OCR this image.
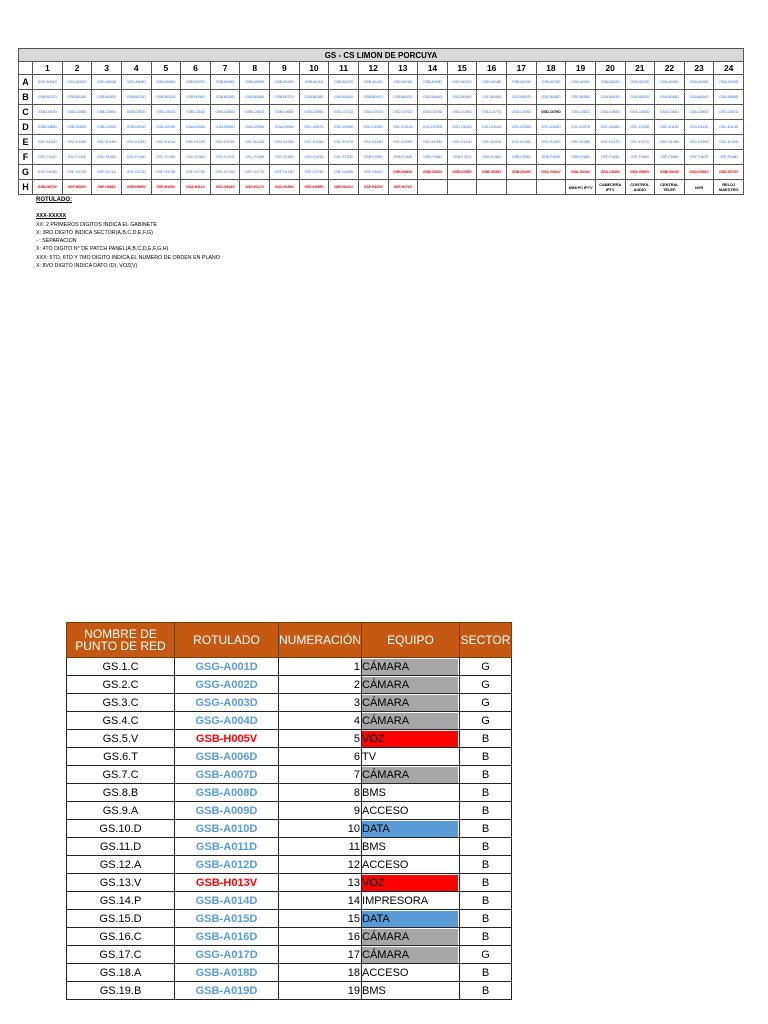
GS - CS LIMON DE PORCUYA																								
	1	2	3	4	5	6	7	8	9	10	11	12	13	14	15	16	17	18	19	20	21	22	23	24
A	GSG-A001D	GSG-A002D	GSG-A003D	GSG-A004D	GSB-A006D	GSB-A007D	GSB-A008D	GSB-A009D	GSB-A010D	GSB-A011D	GSB-A012D	GSB-A014D	GSB-A015D	GSB-A016D	GSG-A017D	GSB-A018D	GSB-A019D	GSB-A020D	GSA-A021D	GSA-A022D	GSA-A023D	GSA-A024D	GSA-A025D	GSA-A026D
B	GSB-B027D	GSB-B028D	GSB-B030D	GSB-B031D	GSB-B032D	GSB-B034D	GSB-B035D	GSB-B036D	GSB-B037D	GSB-B038D	GSB-B040D	GSB-B041D	GSB-B042D	GSD-B044D	GSD-B045D	GSD-B046D	GSD-B047D	GSD-B048D	GSD-B050D	GSA-B051D	GSA-B052D	GSA-B053D	GSA-B054D	GSA-B056D
C	GSB-C057D	GSB-C058D	GSB-C059D	GSB-C061D	GSB-C062D	GSB-C063D	GSB-C065D	GSB-C067D	GSB-C068D	GSB-C069D	GSD-C071D	GSD-C072D	GSD-C073D	GSD-C075D	GSD-C076D	GSD-C077D	GSD-C078D	GSD-C079D	GSA-C081D	GSA-C082D	GSA-C083D	GSA-C084D	GSA-C085D	GSC-C087D
D	GSB-D088D	GSB-D089D	GSB-D090D	GSB-D091D	GSB-D093D	GSA-D094D	GSA-D095D	GSA-D096D	GSA-D096D	GSC-D097D	GSC-D098D	GSC-D100D	GSC-D101D	GSC-D102D	GSC-D103D	GSC-D104D	GSC-D105D	GSC-D106D	GSC-D107D	GSC-D108D	GSC-D110D	GSC-D111D	GSC-D113D	GSC-D114D
E	GSC-E116D	GSC-E118D	GSC-E119D	GSC-E120D	GSC-E121D	GSC-E122D	GSC-E123D	GSC-E124D	GSC-E125D	GSC-E126D	GSC-E127D	GSC-E128D	GSC-E129D	GSC-E130D	GSC-E131D	GSC-E132D	GSC-E134D	GSC-E135D	GSC-E136D	GSC-E137D	GSC-E137D	GSC-E138D	GSC-E139D	GSC-E140D
F	GSF-F141D	GSC-F142D	GSC-F143D	GSC-F144D	GSC-F145D	GSC-F146D	GSC-F147D	GSC-F148D	GSC-F149D	GSC-F151D	GSC-F152D	GSB-F153D	GSB-F154D	GSB-F156D	GSB-F157D	GSB-F158D	GSB-F159D	GSB-F160D	GSB-F162D	GSF-F163D	GSF-F164D	GSF-F166D	GSF-F167D	GSF-F168D
G	GSF-G169D	GSF-G170D	GSF-G171D	GSF-G172D	GSF-G173D	GSF-G174D	GSF-G175D	GSF-G177D	GSF-G178D	GSF-G179D	GSF-G180D	GSF-G181D	GSB-G083V	GSB-G053V	GSB-G039V	GSB-G033V	GSB-G029V	GSA-G042V	GSA-G034V	GSA-G049V	GSA-G060V	GSB-G064V	GSD-G066V	GSD-G070V
H	GSD-H074V	GSF-H080V	GSF-H086V	GSF-H099V	GSF-H109V	GSA-H112V	GSC-H115V	GSC-H117V	GSC-H150V	GSC-H155V	GSF-H161V	GSF-H165V	GSF-H176V						MINI PC IPTV	CABECERA IPTV	CONTROL AUDIO	CENTRAL TELEF.	NVR	RELOJ MAESTRO
ROTULADO:
XXX-XXXXX
XX: 2 PRIMEROS DIGITOS INDICA EL GABINETE
X: 3RO DIGITO INDICA SECTOR(A,B,C,D,E,F,G)
- : SEPARACION
X: 4TO DIGITO N° DE PATCH PANEL(A,B,C,D,E,F,G,H)
XXX: 5TO, 6TO Y 7MO DIGITO INDICA EL NUMERO DE ORDEN EN PLANO
X: 8VO DIGITO INDICA DATO (D), VOZ(V)
NOMBRE DE PUNTO DE RED	ROTULADO	NUMERACIÓN	EQUIPO	SECTOR
GS.1.C	GSG-A001D	1	CÁMARA	G
GS.2.C	GSG-A002D	2	CÁMARA	G
GS.3.C	GSG-A003D	3	CÁMARA	G
GS.4.C	GSG-A004D	4	CÁMARA	G
GS.5.V	GSB-H005V	5	VOZ	B
GS.6.T	GSB-A006D	6	TV	B
GS.7.C	GSB-A007D	7	CÁMARA	B
GS.8.B	GSB-A008D	8	BMS	B
GS.9.A	GSB-A009D	9	ACCESO	B
GS.10.D	GSB-A010D	10	DATA	B
GS.11.D	GSB-A011D	11	BMS	B
GS.12.A	GSB-A012D	12	ACCESO	B
GS.13.V	GSB-H013V	13	VOZ	B
GS.14.P	GSB-A014D	14	IMPRESORA	B
GS.15.D	GSB-A015D	15	DATA	B
GS.16.C	GSB-A016D	16	CÁMARA	B
GS.17.C	GSG-A017D	17	CÁMARA	G
GS.18.A	GSB-A018D	18	ACCESO	B
GS.19.B	GSB-A019D	19	BMS	B
